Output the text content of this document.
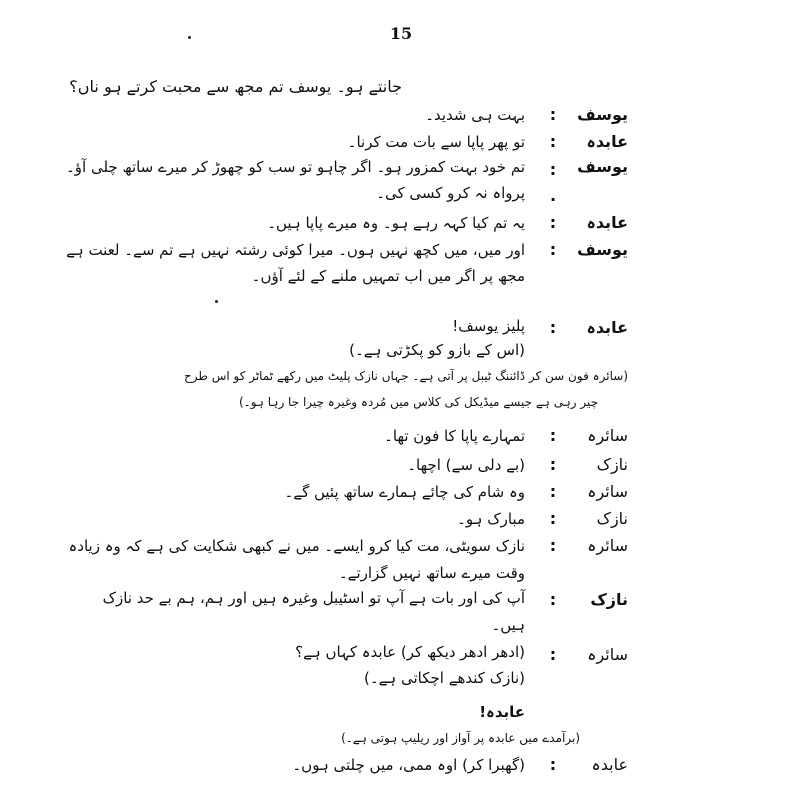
15
جانتے ہو۔ یوسف تم مجھ سے محبت کرتے ہو ناں؟
یوسف
:
بہت ہی شدید۔
عابدہ
:
تو پھر پاپا سے بات مت کرنا۔
یوسف
:
تم خود بہت کمزور ہو۔ اگر چاہو تو سب کو چھوڑ کر میرے ساتھ چلی آؤ۔
.
پرواہ نہ کرو کسی کی۔
عابدہ
:
یہ تم کیا کہہ رہے ہو۔ وہ میرے پاپا ہیں۔
یوسف
:
اور میں، میں کچھ نہیں ہوں۔ میرا کوئی رشتہ نہیں ہے تم سے۔ لعنت ہے
مجھ پر اگر میں اب تمہیں ملنے کے لئے آؤں۔
عابدہ
:
پلیز یوسف!
(اس کے بازو کو پکڑتی ہے۔)
(سائرہ فون سن کر ڈائننگ ٹیبل پر آتی ہے۔ جہاں نازک پلیٹ میں رکھے ٹماٹر کو اس طرح
چیر رہی ہے جیسے میڈیکل کی کلاس میں مُردہ وغیرہ چیرا جا رہا ہو۔)
سائرہ
:
تمہارے پاپا کا فون تھا۔
نازک
:
(بے دلی سے) اچھا۔
سائرہ
:
وہ شام کی چائے ہمارے ساتھ پئیں گے۔
نازک
:
مبارک ہو۔
سائرہ
:
نازک سویٹی، مت کیا کرو ایسے۔ میں نے کبھی شکایت کی ہے کہ وہ زیادہ
وقت میرے ساتھ نہیں گزارتے۔
نازک
:
آپ کی اور بات ہے آپ تو اسٹیبل وغیرہ ہیں اور ہم، ہم بے حد نازک
ہیں۔
سائرہ
:
(ادھر ادھر دیکھ کر) عابدہ کہاں ہے؟
(نازک کندھے اچکاتی ہے۔)
عابدہ!
(برآمدے میں عابدہ پر آواز اور ریلیپ ہوتی ہے۔)
عابدہ
:
(گھبرا کر) اوہ ممی، میں چلتی ہوں۔
